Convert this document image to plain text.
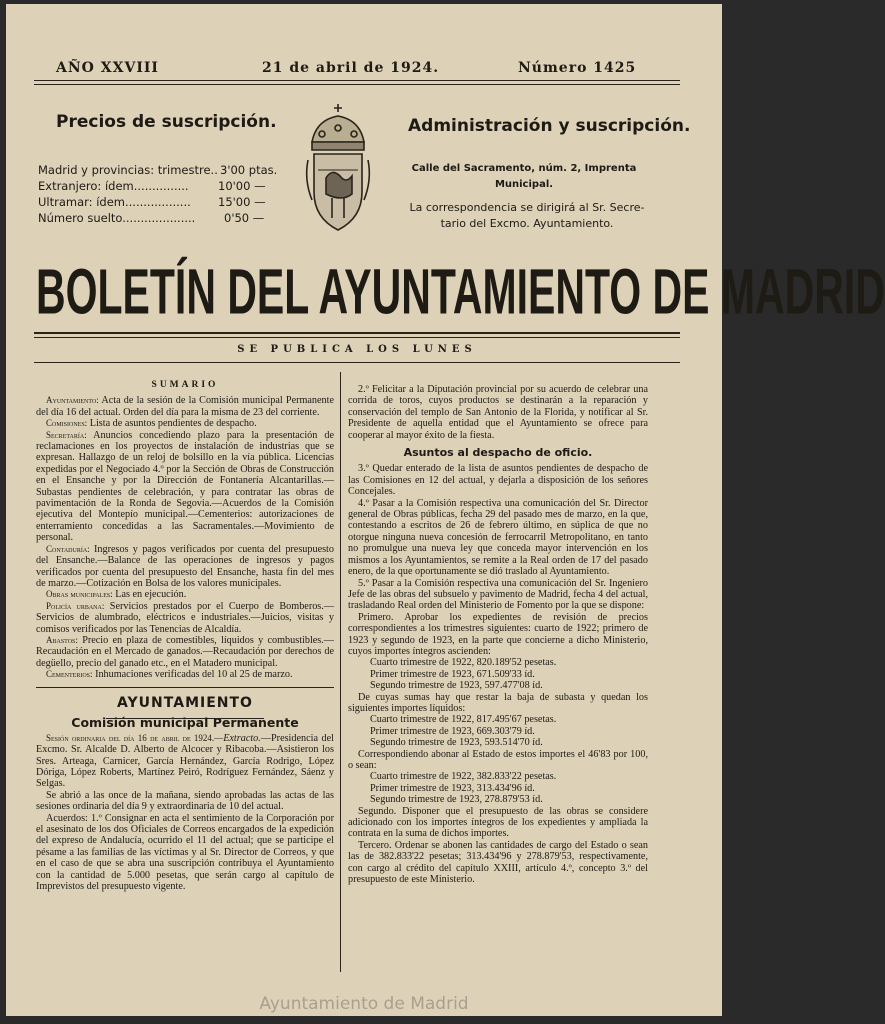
AÑO XXVIII	21 de abril de 1924.	Número 1425
Precios de suscripción.
Madrid y provincias: trimestre.. 3'00 ptas.
Extranjero: ídem...............	10'00 —
Ultramar: ídem.................. 15'00 —
Número suelto.................... 0'50 —
Administración y suscripción.
Calle del Sacramento, núm. 2, Imprenta Municipal.
La correspondencia se dirigirá al Sr. Secre-
tario del Excmo. Ayuntamiento.
BOLETÍN DEL AYUNTAMIENTO DE MADRID
SE PUBLICA LOS LUNES
SUMARIO

Ayuntamiento: Acta de la sesión de la Comisión municipal Permanente del día 16 del actual. Orden del día para la misma de 23 del corriente.

Comisiones: Lista de asuntos pendientes de despacho.

Secretaría: Anuncios concediendo plazo para la presentación de reclamaciones en los proyectos de instalación de industrias que se expresan. Hallazgo de un reloj de bolsillo en la vía pública. Licencias expedidas por el Negociado 4.º por la Sección de Obras de Construcción en el Ensanche y por la Dirección de Fontanería Alcantarillas.—Subastas pendientes de celebración, y para contratar las obras de pavimentación de la Ronda de Segovia.—Acuerdos de la Comisión ejecutiva del Montepío municipal.—Cementerios: autorizaciones de enterramiento concedidas a las Sacramentales.—Movimiento de personal.

Contaduría: Ingresos y pagos verificados por cuenta del presupuesto del Ensanche.—Balance de las operaciones de ingresos y pagos verificados por cuenta del presupuesto del Ensanche, hasta fin del mes de marzo.—Cotización en Bolsa de los valores municipales.

Obras municipales: Las en ejecución.

Policía urbana: Servicios prestados por el Cuerpo de Bomberos.—Servicios de alumbrado, eléctricos e industriales.—Juicios, visitas y comisos verificados por las Tenencias de Alcaldía.

Abastos: Precio en plaza de comestibles, líquidos y combustibles.—Recaudación en el Mercado de ganados.—Recaudación por derechos de degüello, precio del ganado etc., en el Matadero municipal.

Cementerios: Inhumaciones verificadas del 10 al 25 de marzo.

AYUNTAMIENTO
Comisión municipal Permanente

Sesión ordinaria del día 16 de abril de 1924.—Extracto.—Presidencia del Excmo. Sr. Alcalde D. Alberto de Alcocer y Ribacoba.—Asistieron los Sres. Arteaga, Carnicer, García Hernández, García Rodrigo, López Dóriga, López Roberts, Martínez Peiró, Rodríguez Fernández, Sáenz y Selgas.

Se abrió a las once de la mañana, siendo aprobadas las actas de las sesiones ordinaria del día 9 y extraordinaria de 10 del actual.

Acuerdos: 1.º Consignar en acta el sentimiento de la Corporación por el asesinato de los dos Oficiales de Correos encargados de la expedición del expreso de Andalucía, ocurrido el 11 del actual; que se participe el pésame a las familias de las víctimas y al Sr. Director de Correos, y que en el caso de que se abra una suscripción contribuya el Ayuntamiento con la cantidad de 5.000 pesetas, que serán cargo al capítulo de Imprevistos del presupuesto vigente.

2.º Felicitar a la Diputación provincial por su acuerdo de celebrar una corrida de toros, cuyos productos se destinarán a la reparación y conservación del templo de San Antonio de la Florida, y notificar al Sr. Presidente de aquella entidad que el Ayuntamiento se ofrece para cooperar al mayor éxito de la fiesta.

Asuntos al despacho de oficio.

3.º Quedar enterado de la lista de asuntos pendientes de despacho de las Comisiones en 12 del actual, y dejarla a disposición de los señores Concejales.

4.º Pasar a la Comisión respectiva una comunicación del Sr. Director general de Obras públicas, fecha 29 del pasado mes de marzo, en la que, contestando a escritos de 26 de febrero último, en súplica de que no otorgue ninguna nueva concesión de ferrocarril Metropolitano, en tanto no promulgue una nueva ley que conceda mayor intervención en los mismos a los Ayuntamientos, se remite a la Real orden de 17 del pasado enero, de la que oportunamente se dió traslado al Ayuntamiento.

5.º Pasar a la Comisión respectiva una comunicación del Sr. Ingeniero Jefe de las obras del subsuelo y pavimento de Madrid, fecha 4 del actual, trasladando Real orden del Ministerio de Fomento por la que se dispone:

Primero. Aprobar los expedientes de revisión de precios correspondientes a los trimestres siguientes: cuarto de 1922; primero de 1923 y segundo de 1923, en la parte que concierne a dicho Ministerio, cuyos importes íntegros ascienden:

Cuarto trimestre de 1922, 820.189'52 pesetas.
Primer trimestre de 1923, 671.509'33 íd.
Segundo trimestre de 1923, 597.477'08 íd.

De cuyas sumas hay que restar la baja de subasta y quedan los siguientes importes líquidos:

Cuarto trimestre de 1922, 817.495'67 pesetas.
Primer trimestre de 1923, 669.303'79 íd.
Segundo trimestre de 1923, 593.514'70 íd.

Correspondiendo abonar al Estado de estos importes el 46'83 por 100, o sean:

Cuarto trimestre de 1922, 382.833'22 pesetas.
Primer trimestre de 1923, 313.434'96 íd.
Segundo trimestre de 1923, 278.879'53 íd.

Segundo. Disponer que el presupuesto de las obras se considere adicionado con los importes íntegros de los expedientes y ampliada la contrata en la suma de dichos importes.

Tercero. Ordenar se abonen las cantidades de cargo del Estado o sean las de 382.833'22 pesetas; 313.434'96 y 278.879'53, respectivamente, con cargo al crédito del capítulo XXIII, artículo 4.º, concepto 3.º del presupuesto de este Ministerio.

Ayuntamiento de Madrid
